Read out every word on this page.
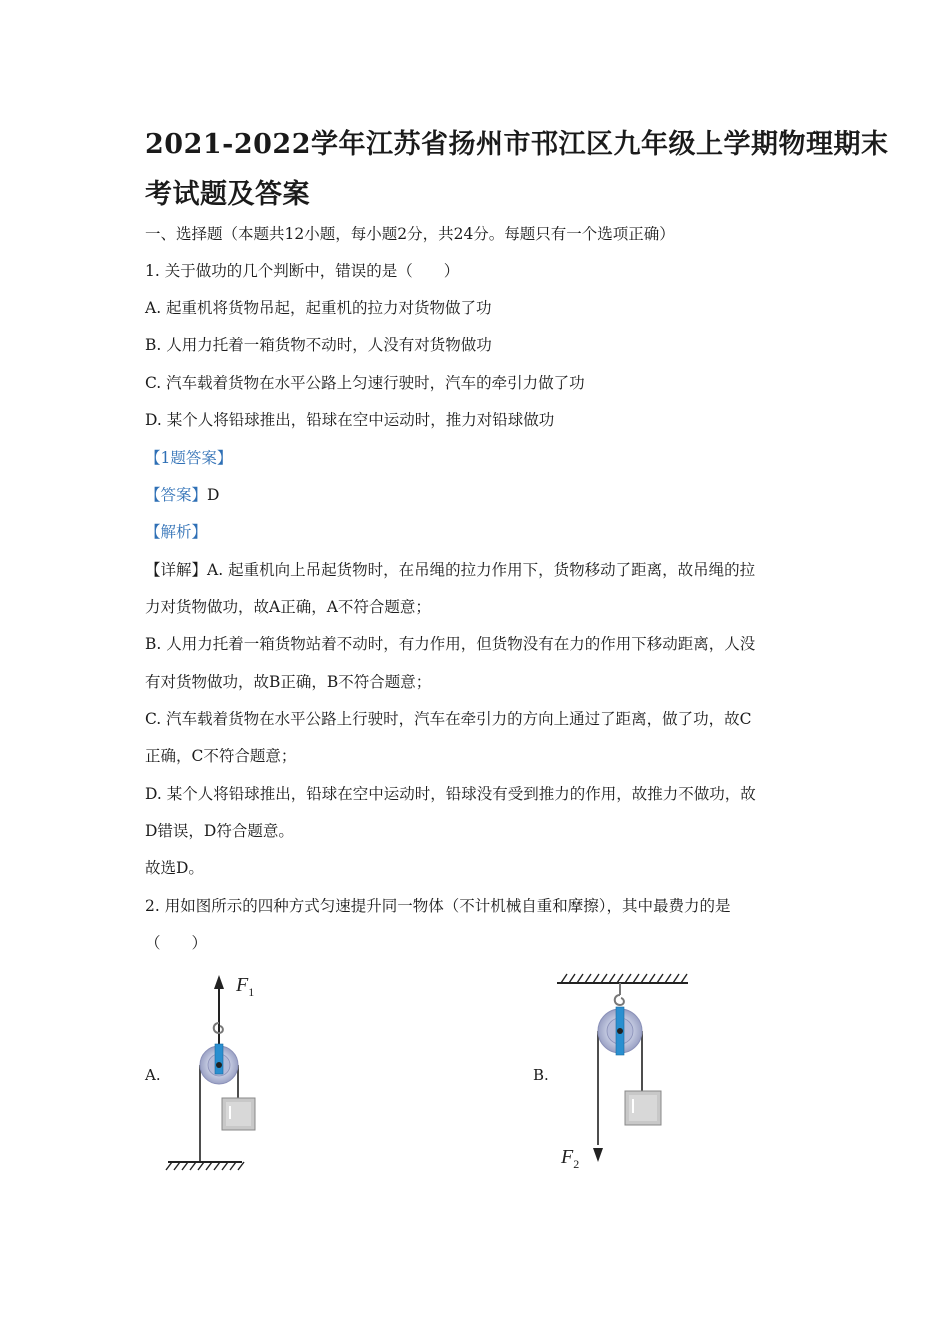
2021-2022学年江苏省扬州市邗江区九年级上学期物理期末
考试题及答案
一、选择题（本题共12小题，每小题2分，共24分。每题只有一个选项正确）
1. 关于做功的几个判断中，错误的是（　　）
A. 起重机将货物吊起，起重机的拉力对货物做了功
B. 人用力托着一箱货物不动时，人没有对货物做功
C. 汽车载着货物在水平公路上匀速行驶时，汽车的牵引力做了功
D. 某个人将铅球推出，铅球在空中运动时，推力对铅球做功
【1题答案】
【答案】D
【解析】
【详解】A. 起重机向上吊起货物时，在吊绳的拉力作用下，货物移动了距离，故吊绳的拉
力对货物做功，故A正确，A不符合题意；
B. 人用力托着一箱货物站着不动时，有力作用，但货物没有在力的作用下移动距离，人没
有对货物做功，故B正确，B不符合题意；
C. 汽车载着货物在水平公路上行驶时，汽车在牵引力的方向上通过了距离，做了功，故C
正确，C不符合题意；
D. 某个人将铅球推出，铅球在空中运动时，铅球没有受到推力的作用，故推力不做功，故
D错误，D符合题意。
故选D。
2. 用如图所示的四种方式匀速提升同一物体（不计机械自重和摩擦），其中最费力的是
（　　）
A.	B.
$F_1$
$F_2$
